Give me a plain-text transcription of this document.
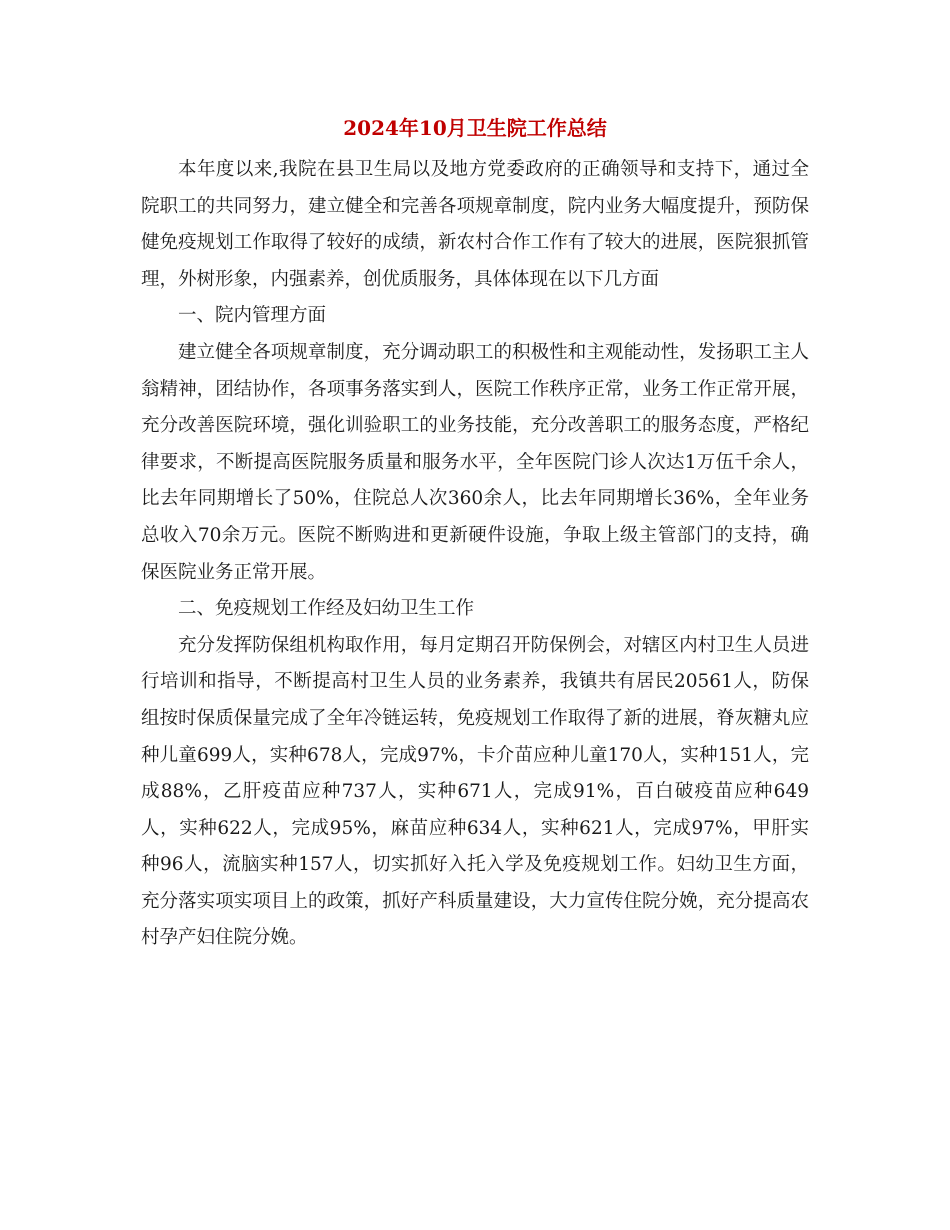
2024年10月卫生院工作总结

本年度以来,我院在县卫生局以及地方党委政府的正确领导和支持下，通过全院职工的共同努力，建立健全和完善各项规章制度，院内业务大幅度提升，预防保健免疫规划工作取得了较好的成绩，新农村合作工作有了较大的进展，医院狠抓管理，外树形象，内强素养，创优质服务，具体体现在以下几方面

一、院内管理方面

建立健全各项规章制度，充分调动职工的积极性和主观能动性，发扬职工主人翁精神，团结协作，各项事务落实到人，医院工作秩序正常，业务工作正常开展，充分改善医院环境，强化训验职工的业务技能，充分改善职工的服务态度，严格纪律要求，不断提高医院服务质量和服务水平，全年医院门诊人次达1万伍千余人，比去年同期增长了50%，住院总人次360余人，比去年同期增长36%，全年业务总收入70余万元。医院不断购进和更新硬件设施，争取上级主管部门的支持，确保医院业务正常开展。

二、免疫规划工作经及妇幼卫生工作

充分发挥防保组机构取作用，每月定期召开防保例会，对辖区内村卫生人员进行培训和指导，不断提高村卫生人员的业务素养，我镇共有居民20561人，防保组按时保质保量完成了全年冷链运转，免疫规划工作取得了新的进展，脊灰糖丸应种儿童699人，实种678人，完成97%，卡介苗应种儿童170人，实种151人，完成88%，乙肝疫苗应种737人，实种671人，完成91%，百白破疫苗应种649人，实种622人，完成95%，麻苗应种634人，实种621人，完成97%，甲肝实种96人，流脑实种157人，切实抓好入托入学及免疫规划工作。妇幼卫生方面，充分落实项实项目上的政策，抓好产科质量建设，大力宣传住院分娩，充分提高农村孕产妇住院分娩。
